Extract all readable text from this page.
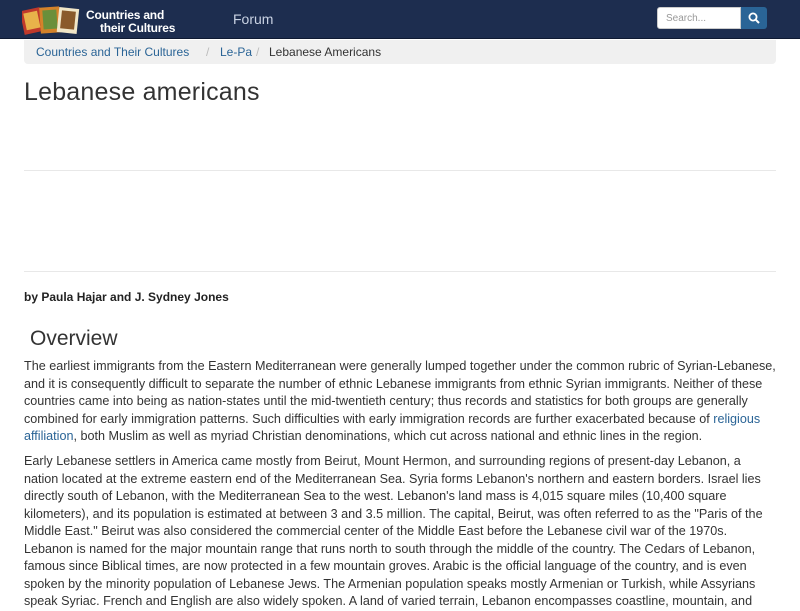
Countries and
their Cultures
Forum
Search...
Countries and Their Cultures / Le-Pa / Lebanese Americans
Lebanese americans
by Paula Hajar and J. Sydney Jones
Overview
The earliest immigrants from the Eastern Mediterranean were generally lumped together under the common rubric of Syrian-Lebanese, and it is consequently difficult to separate the number of ethnic Lebanese immigrants from ethnic Syrian immigrants. Neither of these countries came into being as nation-states until the mid-twentieth century; thus records and statistics for both groups are generally combined for early immigration patterns. Such difficulties with early immigration records are further exacerbated because of religious affiliation, both Muslim as well as myriad Christian denominations, which cut across national and ethnic lines in the region.
Early Lebanese settlers in America came mostly from Beirut, Mount Hermon, and surrounding regions of present-day Lebanon, a nation located at the extreme eastern end of the Mediterranean Sea. Syria forms Lebanon's northern and eastern borders. Israel lies directly south of Lebanon, with the Mediterranean Sea to the west. Lebanon's land mass is 4,015 square miles (10,400 square kilometers), and its population is estimated at between 3 and 3.5 million. The capital, Beirut, was often referred to as the "Paris of the Middle East." Beirut was also considered the commercial center of the Middle East before the Lebanese civil war of the 1970s. Lebanon is named for the major mountain range that runs north to south through the middle of the country. The Cedars of Lebanon, famous since Biblical times, are now protected in a few mountain groves. Arabic is the official language of the country, and is even spoken by the minority population of Lebanese Jews. The Armenian population speaks mostly Armenian or Turkish, while Assyrians speak Syriac. French and English are also widely spoken. A land of varied terrain, Lebanon encompasses coastline, mountain, and
